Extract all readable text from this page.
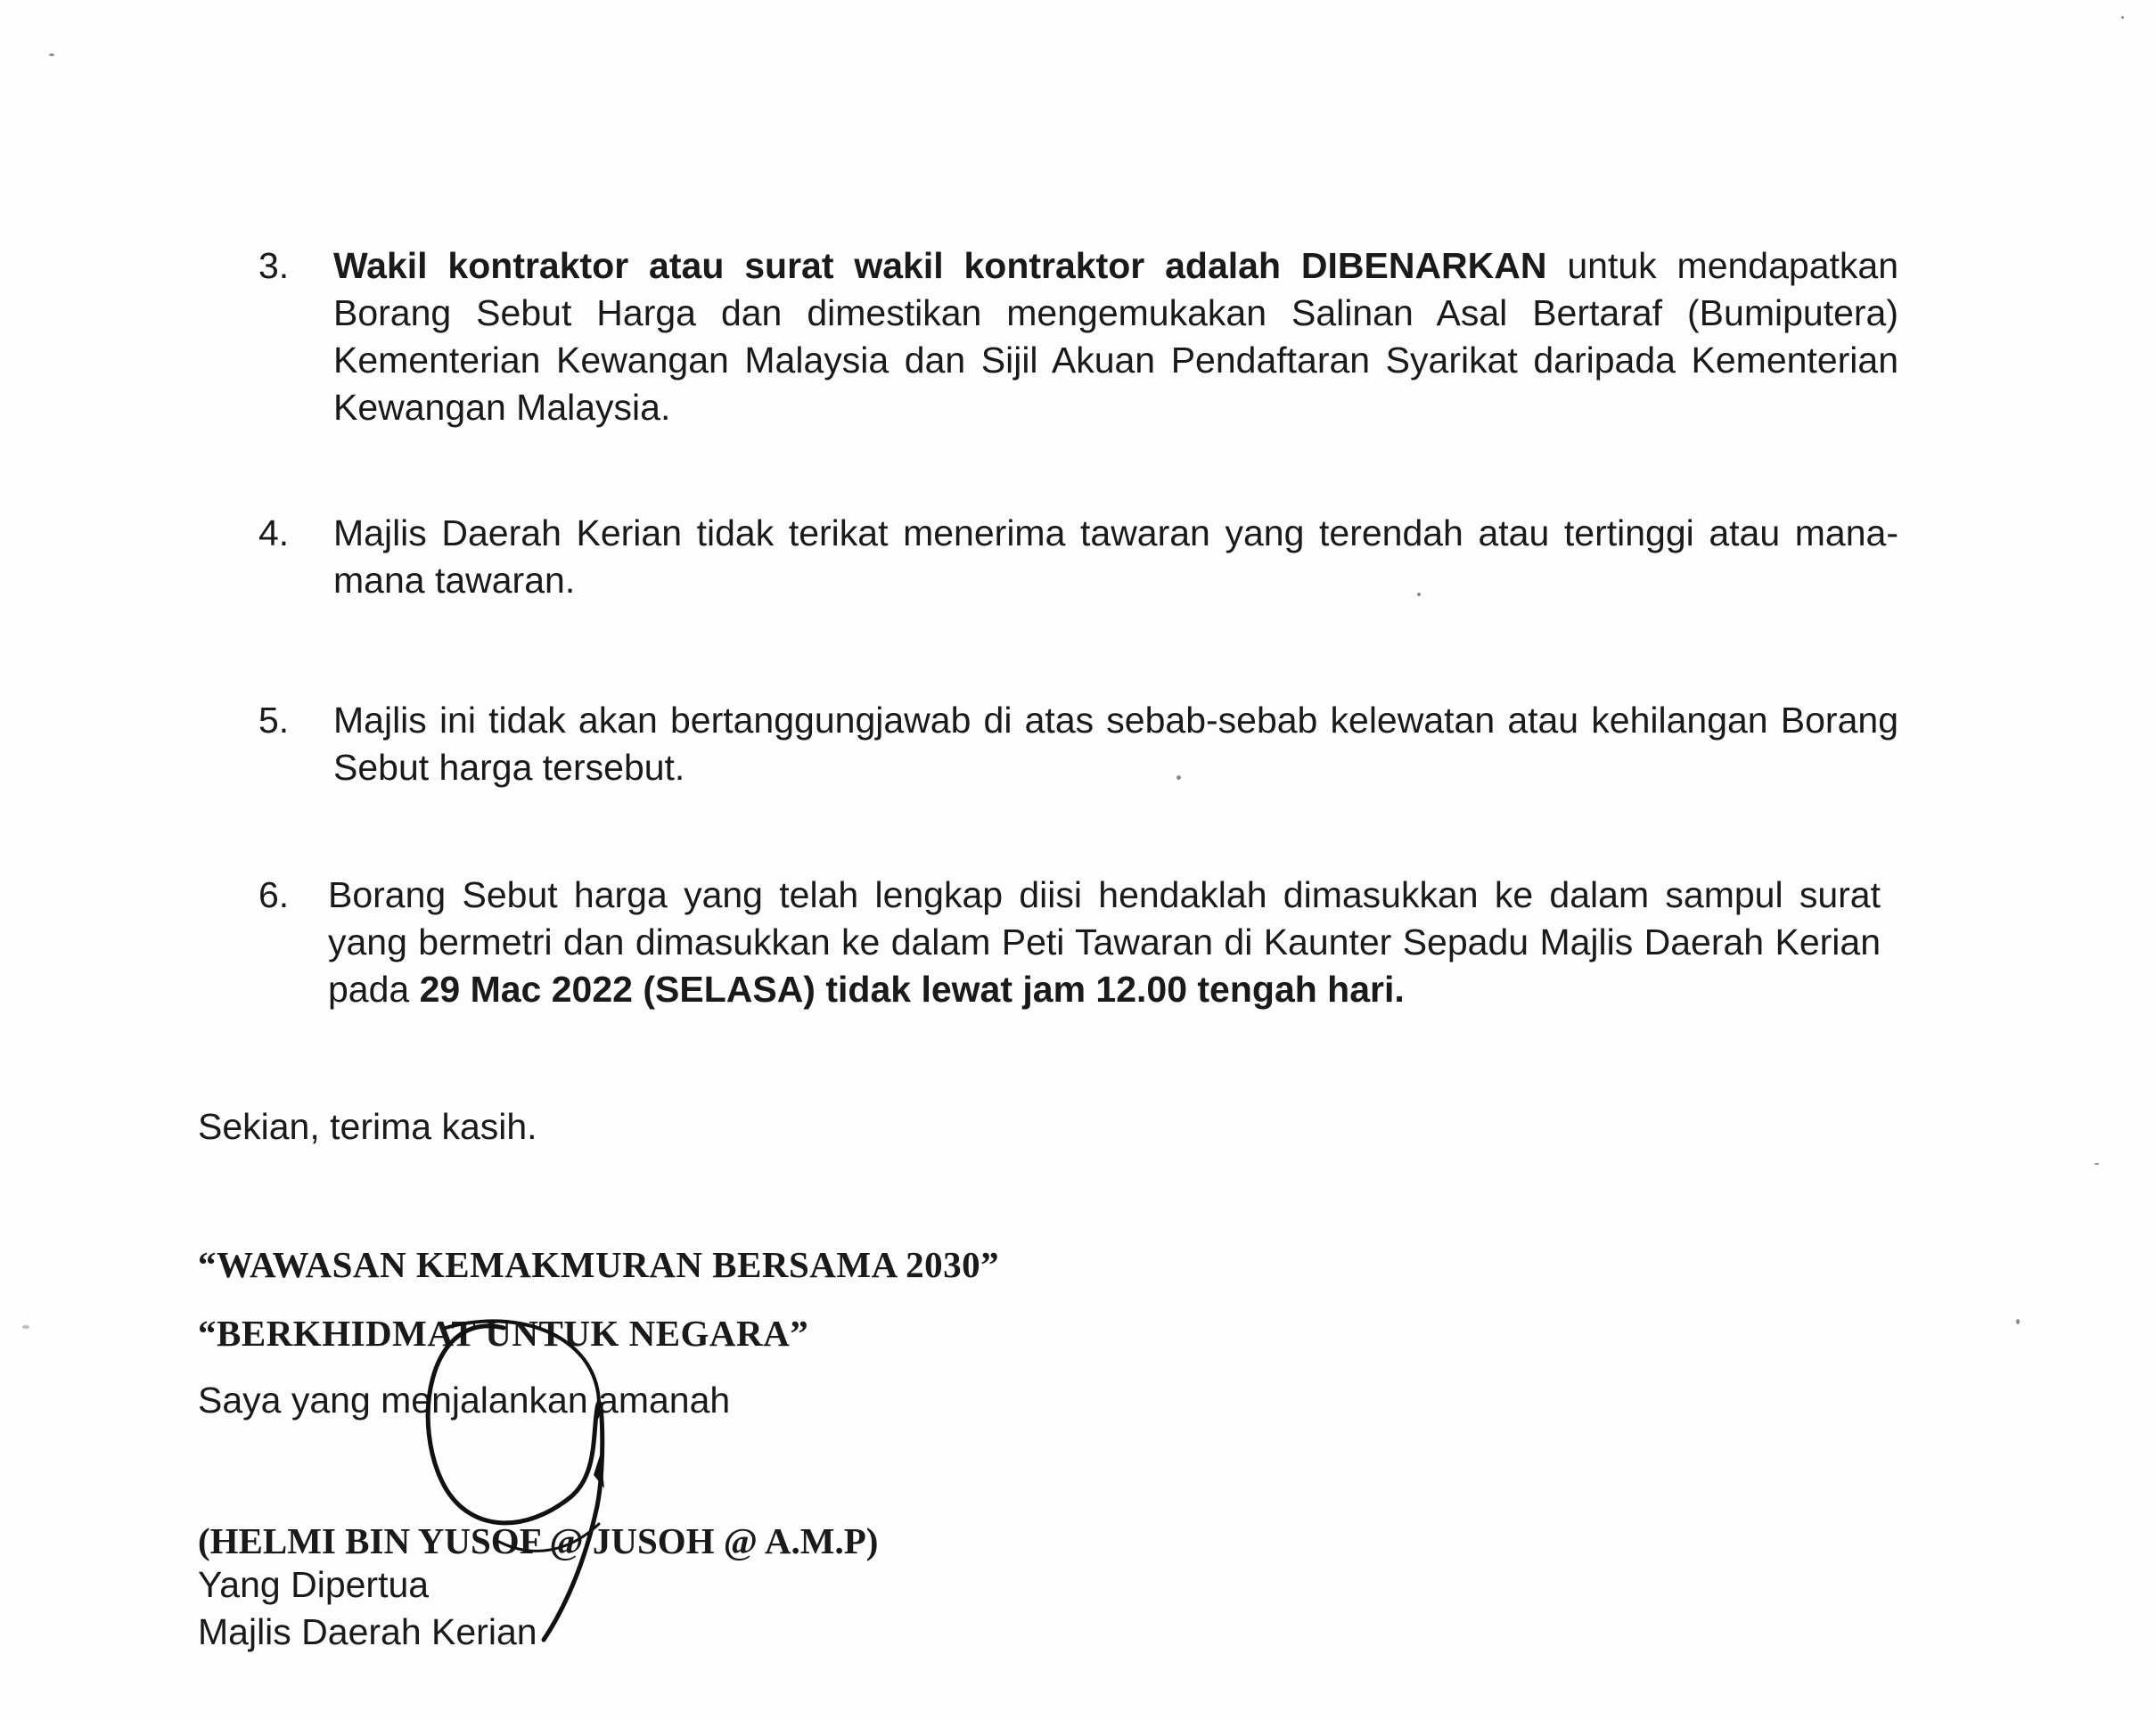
3.	Wakil kontraktor atau surat wakil kontraktor adalah DIBENARKAN untuk mendapatkan Borang Sebut Harga dan dimestikan mengemukakan Salinan Asal Bertaraf (Bumiputera) Kementerian Kewangan Malaysia dan Sijil Akuan Pendaftaran Syarikat daripada Kementerian Kewangan Malaysia.
4.	Majlis Daerah Kerian tidak terikat menerima tawaran yang terendah atau tertinggi atau mana-mana tawaran.
5.	Majlis ini tidak akan bertanggungjawab di atas sebab-sebab kelewatan atau kehilangan Borang Sebut harga tersebut.
6.	Borang Sebut harga yang telah lengkap diisi hendaklah dimasukkan ke dalam sampul surat yang bermetri dan dimasukkan ke dalam Peti Tawaran di Kaunter Sepadu Majlis Daerah Kerian pada 29 Mac 2022 (SELASA) tidak lewat jam 12.00 tengah hari.
Sekian, terima kasih.
“WAWASAN KEMAKMURAN BERSAMA 2030”
“BERKHIDMAT UNTUK NEGARA”
Saya yang menjalankan amanah
(HELMI BIN YUSOF @ JUSOH @ A.M.P)
Yang Dipertua
Majlis Daerah Kerian
